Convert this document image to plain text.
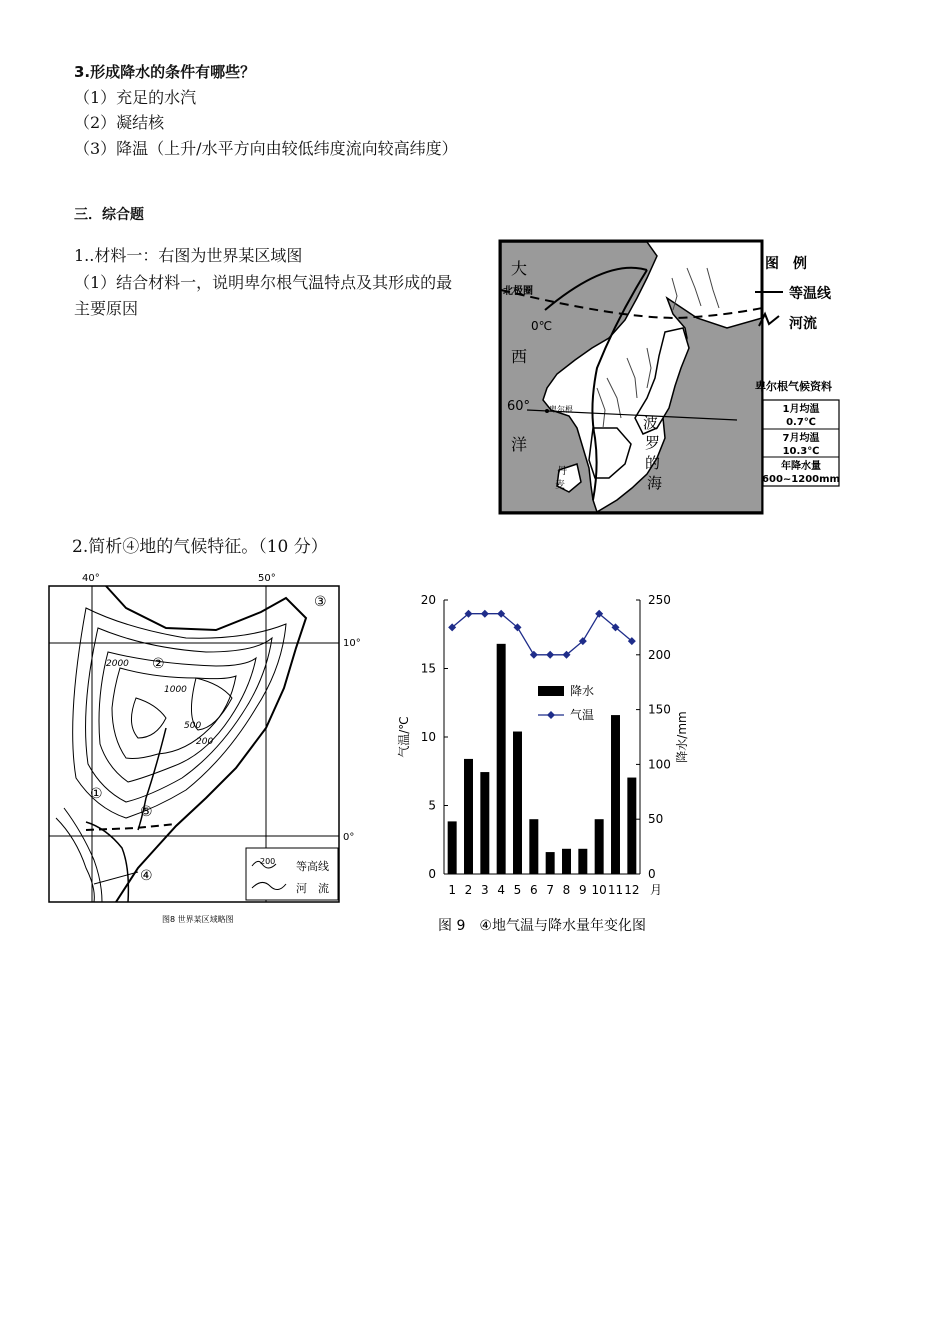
3.形成降水的条件有哪些？
（1）充足的水汽
（2）凝结核
（3）降温（上升/水平方向由较低纬度流向较高纬度）
三．综合题
1..材料一：右图为世界某区域图
（1）结合材料一，说明卑尔根气温特点及其形成的最
主要原因
大
北极圈
0℃
西
60° 卑尔根
洋
波
罗
的
海
丹
麦
图　例
等温线
河流
卑尔根气候资料
1月均温
0.7℃
7月均温
10.3℃
年降水量
600~1200mm
2.简析④地的气候特征。（10 分）
40°	50°
10°
0°
2000
1000
500
200
①
②
③
④
⑤
200 等高线
河　流
图8 世界某区域略图
0
5
10
15
20
0
50
100
150
200
250
气温/℃	降水/mm
1 2 3 4 5 6 7 8 9 10 11 12 月
降水
气温
图 9　④地气温与降水量年变化图
